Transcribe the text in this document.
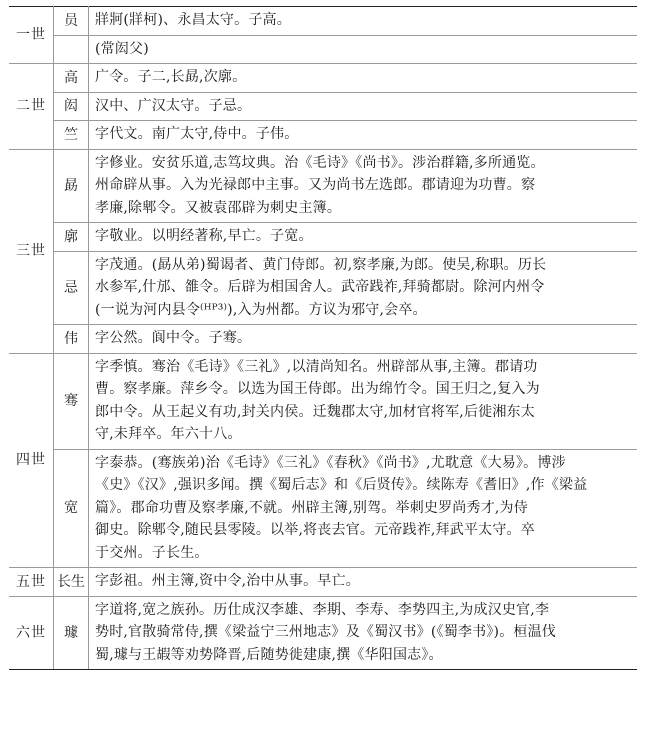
一世	员	牂牁(牂柯)、永昌太守。子高。

		(常闳父)

二世	高	广令。子二,长勗,次廓。

	闳	汉中、广汉太守。子忌。

	竺	字代文。南广太守,侍中。子伟。

三世	勗	字修业。安贫乐道,志笃坟典。治《毛诗》《尚书》。涉治群籍,多所通览。
州命辟从事。入为光禄郎中主事。又为尚书左选郎。郡请迎为功曹。察
孝廉,除郫令。又被袁邵辟为刺史主簿。

	廓	字敬业。以明经著称,早亡。子宽。

	忌	字茂通。(勗从弟)蜀谒者、黄门侍郎。初,察孝廉,为郎。使吴,称职。历长
水参军,什邡、雒令。后辟为相国舍人。武帝践祚,拜骑都尉。除河内州令
(一说为河内县令⁽ᴴᴾ³⁾),入为州都。方议为邪守,会卒。

	伟	字公然。阆中令。子骞。

四世	骞	字季慎。骞治《毛诗》《三礼》,以清尚知名。州辟部从事,主簿。郡请功
曹。察孝廉。萍乡令。以选为国王侍郎。出为绵竹令。国王归之,复入为
郎中令。从王起义有功,封关内侯。迁魏郡太守,加材官将军,后徙湘东太
守,未拜卒。年六十八。

	宽	字泰恭。(骞族弟)治《毛诗》《三礼》《春秋》《尚书》,尤耽意《大易》。博涉
《史》《汉》,强识多闻。撰《蜀后志》和《后贤传》。续陈寿《耆旧》,作《梁益
篇》。郡命功曹及察孝廉,不就。州辟主簿,别驾。举刺史罗尚秀才,为侍
御史。除郫令,随民县零陵。以举,将丧去官。元帝践祚,拜武平太守。卒
于交州。子长生。

五世	长生	字彭祖。州主簿,资中令,治中从事。早亡。

六世	璩	字道将,宽之族孙。历仕成汉李雄、李期、李寿、李势四主,为成汉史官,李
势时,官散骑常侍,撰《梁益宁三州地志》及《蜀汉书》(《蜀李书》)。桓温伐
蜀,璩与王嘏等劝势降晋,后随势徙建康,撰《华阳国志》。
